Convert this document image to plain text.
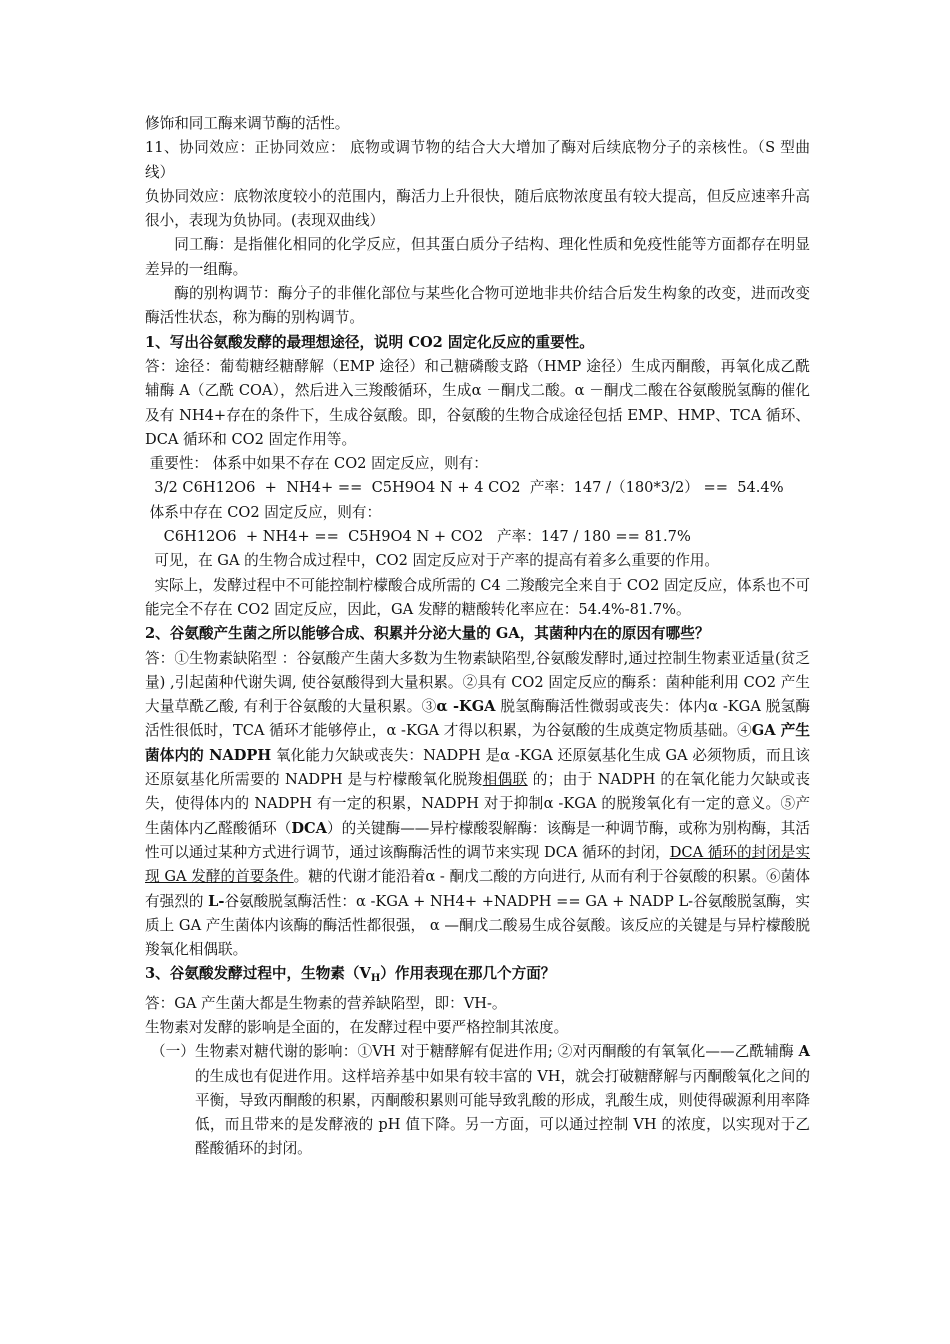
修饰和同工酶来调节酶的活性。

11、协同效应：正协同效应： 底物或调节物的结合大大增加了酶对后续底物分子的亲核性。（S 型曲线）

负协同效应：底物浓度较小的范围内，酶活力上升很快，随后底物浓度虽有较大提高，但反应速率升高很小，表现为负协同。(表现双曲线）

同工酶：是指催化相同的化学反应，但其蛋白质分子结构、理化性质和免疫性能等方面都存在明显差异的一组酶。

酶的别构调节：酶分子的非催化部位与某些化合物可逆地非共价结合后发生构象的改变，进而改变酶活性状态，称为酶的别构调节。

1、写出谷氨酸发酵的最理想途径，说明 CO2 固定化反应的重要性。

答：途径：葡萄糖经糖酵解（EMP 途径）和己糖磷酸支路（HMP 途径）生成丙酮酸，再氧化成乙酰辅酶 A（乙酰 COA），然后进入三羧酸循环，生成α －酮戊二酸。α －酮戊二酸在谷氨酸脱氢酶的催化及有 NH4+存在的条件下，生成谷氨酸。即，谷氨酸的生物合成途径包括 EMP、HMP、TCA 循环、DCA 循环和 CO2 固定作用等。

重要性： 体系中如果不存在 CO2 固定反应，则有：

3/2 C6H12O6  +  NH4+ ==  C5H9O4 N + 4 CO2  产率：147 /（180*3/2） ==  54.4%

体系中存在 CO2 固定反应，则有：

C6H12O6  + NH4+ ==  C5H9O4 N + CO2   产率：147 / 180 == 81.7%

可见，在 GA 的生物合成过程中，CO2 固定反应对于产率的提高有着多么重要的作用。

实际上，发酵过程中不可能控制柠檬酸合成所需的 C4 二羧酸完全来自于 CO2 固定反应，体系也不可能完全不存在 CO2 固定反应，因此，GA 发酵的糖酸转化率应在：54.4%-81.7%。

2、谷氨酸产生菌之所以能够合成、积累并分泌大量的 GA，其菌种内在的原因有哪些？

答：①生物素缺陷型 ：谷氨酸产生菌大多数为生物素缺陷型,谷氨酸发酵时,通过控制生物素亚适量(贫乏量) ,引起菌种代谢失调, 使谷氨酸得到大量积累。②具有 CO2 固定反应的酶系：菌种能利用 CO2 产生大量草酰乙酸, 有利于谷氨酸的大量积累。③α -KGA 脱氢酶酶活性微弱或丧失：体内α -KGA 脱氢酶活性很低时，TCA 循环才能够停止，α -KGA 才得以积累，为谷氨酸的生成奠定物质基础。④GA 产生菌体内的 NADPH 氧化能力欠缺或丧失：NADPH 是α -KGA 还原氨基化生成 GA 必须物质，而且该还原氨基化所需要的 NADPH 是与柠檬酸氧化脱羧相偶联 的；由于 NADPH 的在氧化能力欠缺或丧失，使得体内的 NADPH 有一定的积累，NADPH 对于抑制α -KGA 的脱羧氧化有一定的意义。⑤产生菌体内乙醛酸循环（DCA）的关键酶——异柠檬酸裂解酶：该酶是一种调节酶，或称为别构酶，其活性可以通过某种方式进行调节，通过该酶酶活性的调节来实现 DCA 循环的封闭，DCA 循环的封闭是实现 GA 发酵的首要条件。糖的代谢才能沿着α - 酮戊二酸的方向进行, 从而有利于谷氨酸的积累。⑥菌体有强烈的 L-谷氨酸脱氢酶活性：α -KGA + NH4+ +NADPH == GA + NADP L-谷氨酸脱氢酶，实质上 GA 产生菌体内该酶的酶活性都很强， α —酮戊二酸易生成谷氨酸。该反应的关键是与异柠檬酸脱羧氧化相偶联。

3、谷氨酸发酵过程中，生物素$(V_H)$作用表现在那几个方面？

答：GA 产生菌大都是生物素的营养缺陷型，即：VH-。

生物素对发酵的影响是全面的，在发酵过程中要严格控制其浓度。

（一） 生物素对糖代谢的影响：①VH 对于糖酵解有促进作用; ②对丙酮酸的有氧氧化——乙酰辅酶 A 的生成也有促进作用。这样培养基中如果有较丰富的 VH，就会打破糖酵解与丙酮酸氧化之间的平衡，导致丙酮酸的积累，丙酮酸积累则可能导致乳酸的形成，乳酸生成，则使得碳源利用率降低，而且带来的是发酵液的 pH 值下降。另一方面，可以通过控制 VH 的浓度，以实现对于乙醛酸循环的封闭。
